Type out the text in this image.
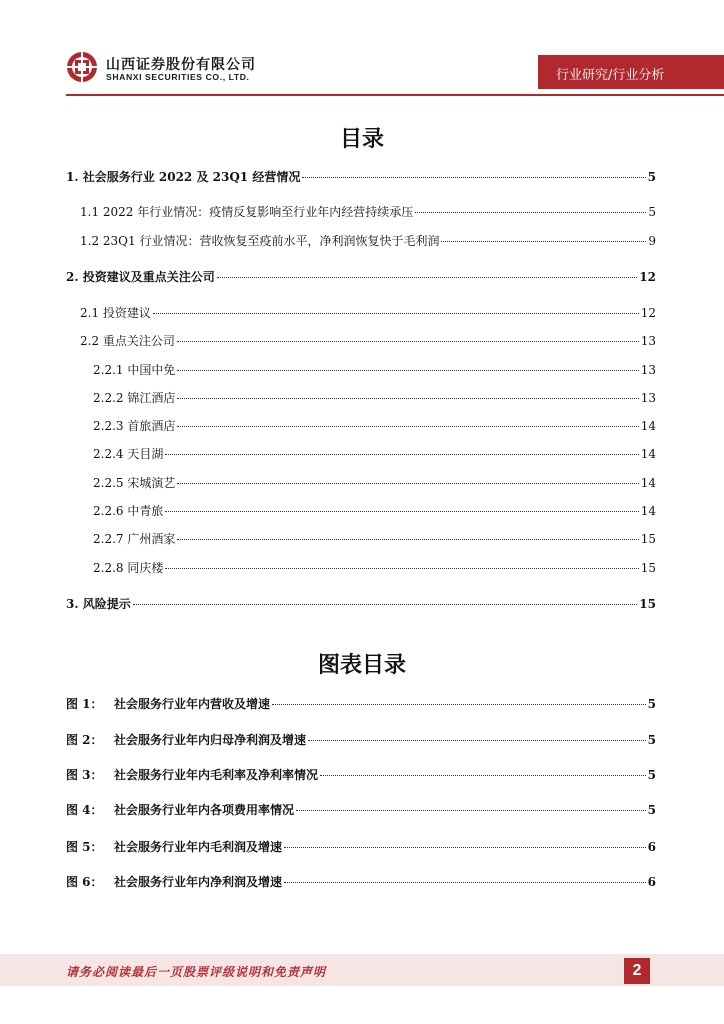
山西证券股份有限公司
SHANXI SECURITIES CO., LTD.	行业研究/行业分析
目录
1. 社会服务行业 2022 及 23Q1 经营情况	5
1.1 2022 年行业情况：疫情反复影响至行业年内经营持续承压	5
1.2 23Q1 行业情况：营收恢复至疫前水平，净利润恢复快于毛利润	9
2. 投资建议及重点关注公司	12
2.1 投资建议	12
2.2 重点关注公司	13
2.2.1 中国中免	13
2.2.2 锦江酒店	13
2.2.3 首旅酒店	14
2.2.4 天目湖	14
2.2.5 宋城演艺	14
2.2.6 中青旅	14
2.2.7 广州酒家	15
2.2.8 同庆楼	15
3. 风险提示	15
图表目录
图 1： 社会服务行业年内营收及增速	5
图 2： 社会服务行业年内归母净利润及增速	5
图 3： 社会服务行业年内毛利率及净利率情况	5
图 4： 社会服务行业年内各项费用率情况	5
图 5： 社会服务行业年内毛利润及增速	6
图 6： 社会服务行业年内净利润及增速	6
请务必阅读最后一页股票评级说明和免责声明	2
